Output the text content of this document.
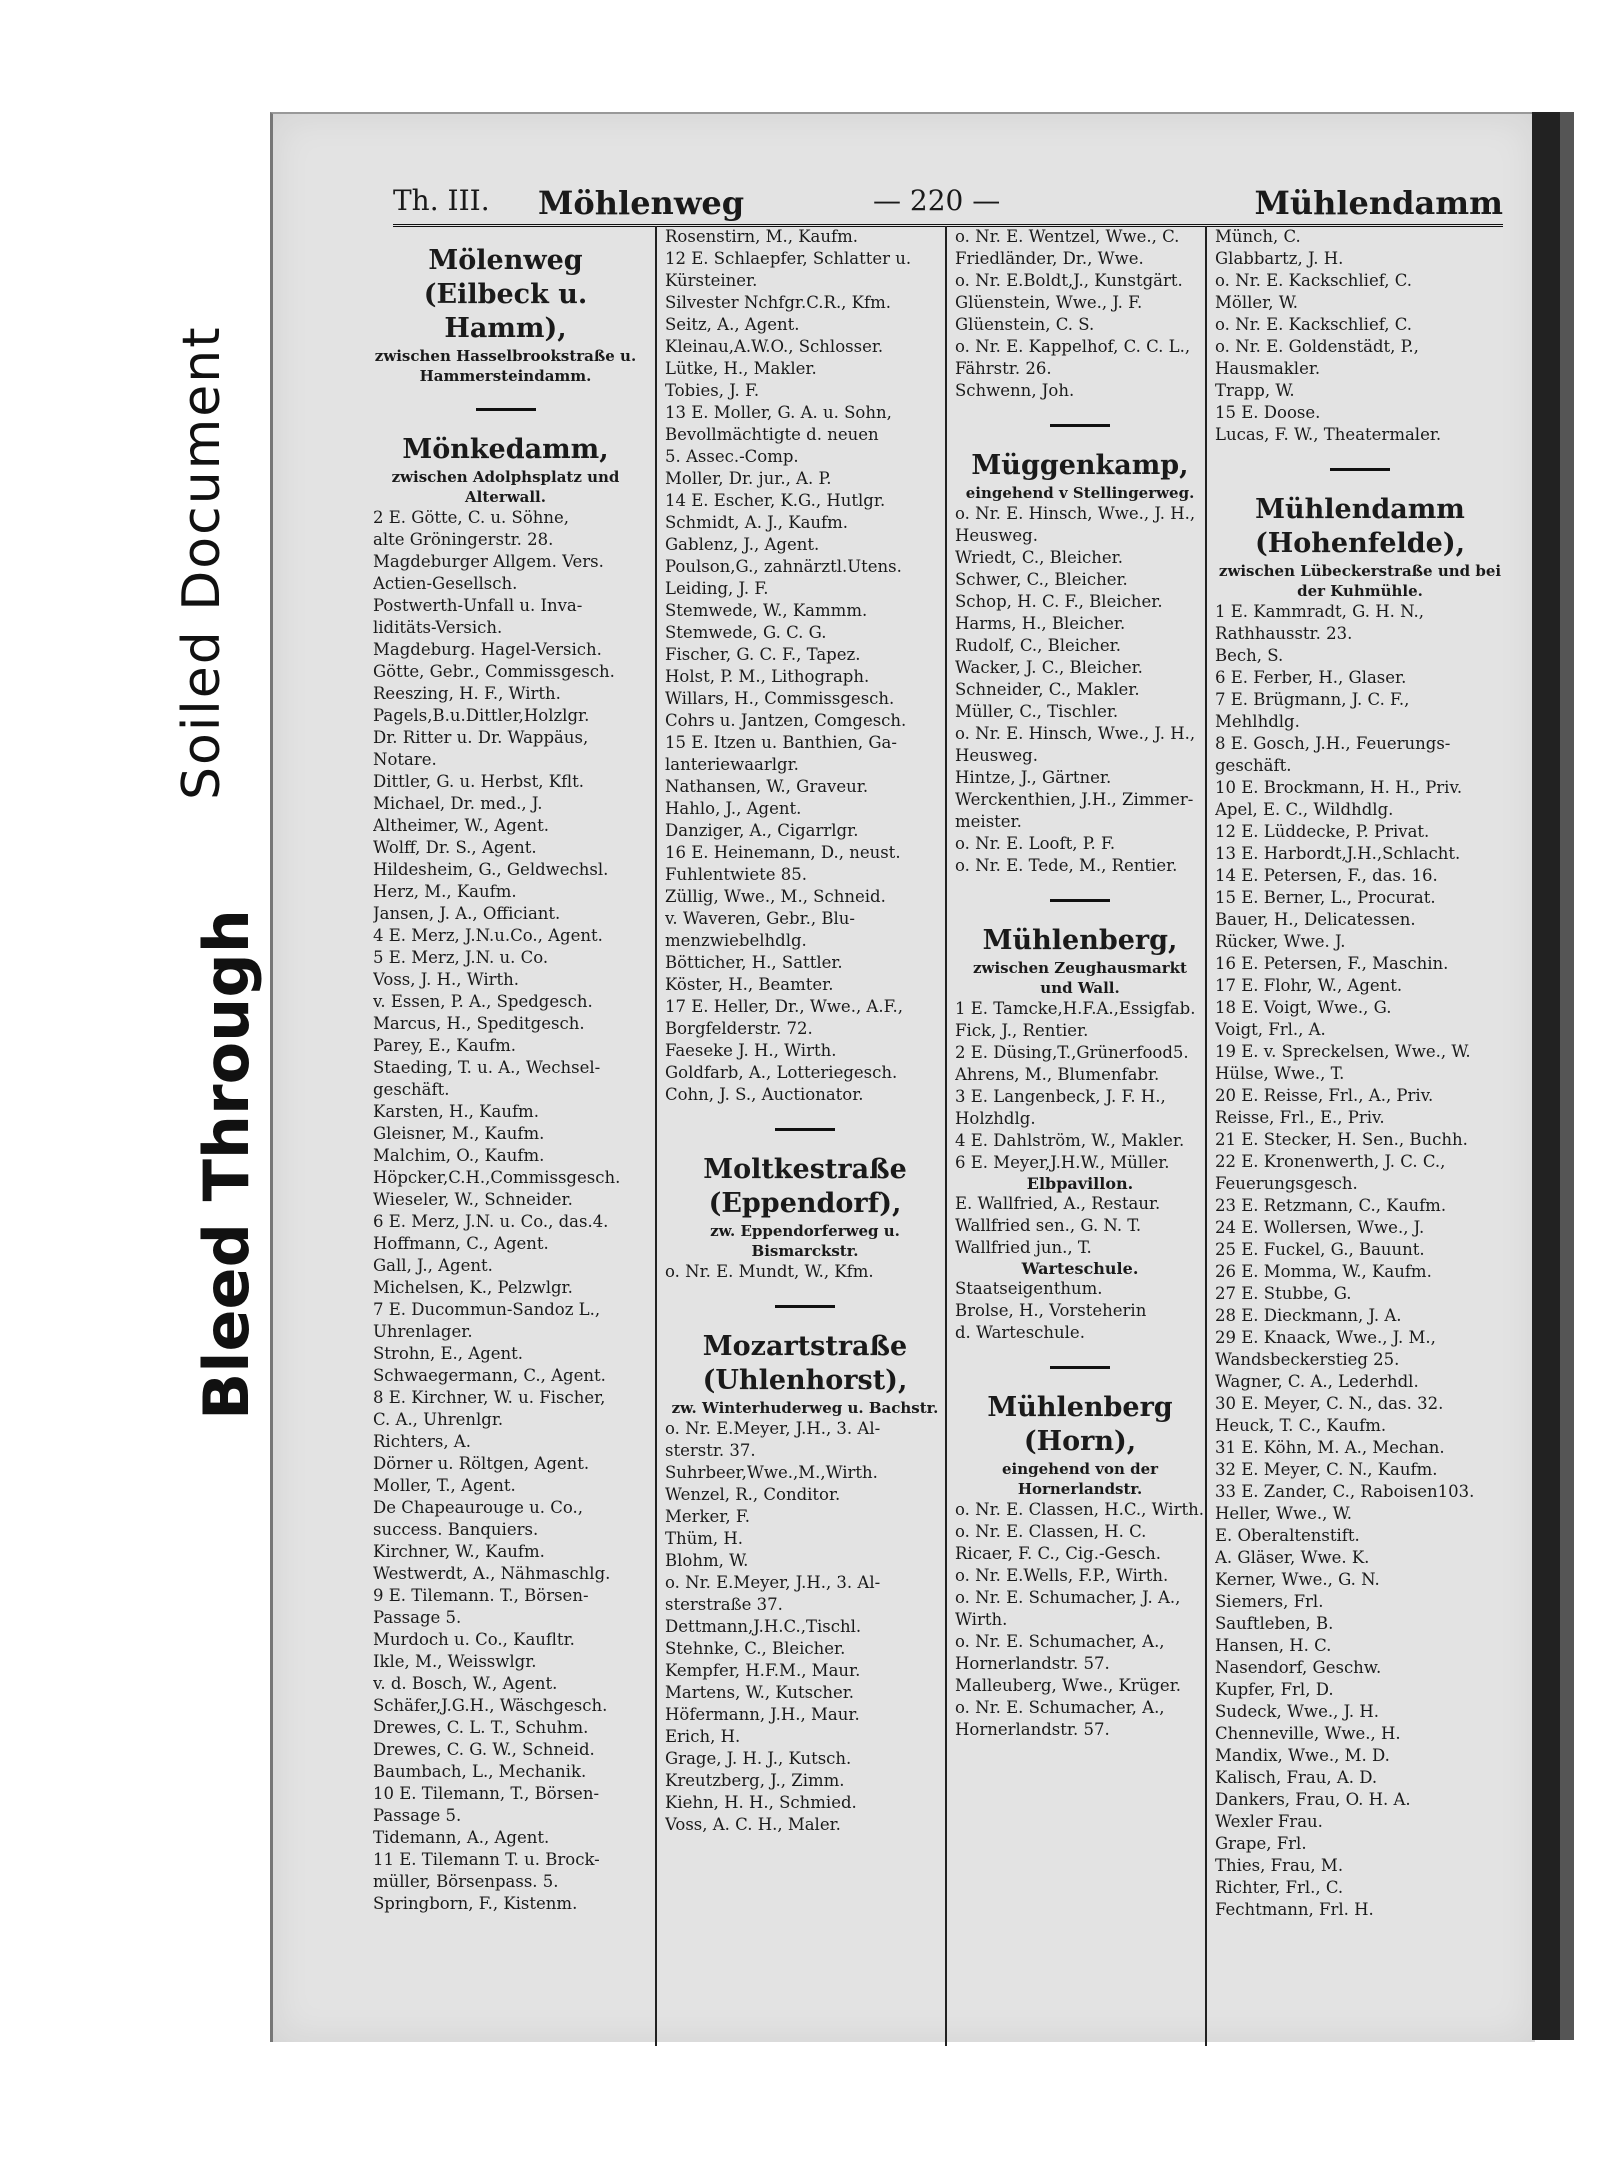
Soiled Document
Bleed Through
Th. III. Möhlenweg	— 220 —	Mühlendamm
Mölenweg (Eilbeck u. Hamm),
zwischen Hasselbrookstraße u. Hammersteindamm.
Mönkedamm,
zwischen Adolphsplatz und Alterwall.
2 E. Götte, C. u. Söhne,
alte Gröningerstr. 28.
Magdeburger Allgem. Vers.
Actien-Gesellsch.
Postwerth-Unfall u. Inva-
liditäts-Versich.
Magdeburg. Hagel-Versich.
Götte, Gebr., Commissgesch.
Reeszing, H. F., Wirth.
Pagels,B.u.Dittler,Holzlgr.
Dr. Ritter u. Dr. Wappäus,
Notare.
Dittler, G. u. Herbst, Kflt.
Michael, Dr. med., J.
Altheimer, W., Agent.
Wolff, Dr. S., Agent.
Hildesheim, G., Geldwechsl.
Herz, M., Kaufm.
Jansen, J. A., Officiant.
4 E. Merz, J.N.u.Co., Agent.
5 E. Merz, J.N. u. Co.
Voss, J. H., Wirth.
v. Essen, P. A., Spedgesch.
Marcus, H., Speditgesch.
Parey, E., Kaufm.
Staeding, T. u. A., Wechsel-
geschäft.
Karsten, H., Kaufm.
Gleisner, M., Kaufm.
Malchim, O., Kaufm.
Höpcker,C.H.,Commissgesch.
Wieseler, W., Schneider.
6 E. Merz, J.N. u. Co., das.4.
Hoffmann, C., Agent.
Gall, J., Agent.
Michelsen, K., Pelzwlgr.
7 E. Ducommun-Sandoz L.,
Uhrenlager.
Strohn, E., Agent.
Schwaegermann, C., Agent.
8 E. Kirchner, W. u. Fischer,
C. A., Uhrenlgr.
Richters, A.
Dörner u. Röltgen, Agent.
Moller, T., Agent.
De Chapeaurouge u. Co.,
success. Banquiers.
Kirchner, W., Kaufm.
Westwerdt, A., Nähmaschlg.
9 E. Tilemann. T., Börsen-
Passage 5.
Murdoch u. Co., Kaufltr.
Ikle, M., Weisswlgr.
v. d. Bosch, W., Agent.
Schäfer,J.G.H., Wäschgesch.
Drewes, C. L. T., Schuhm.
Drewes, C. G. W., Schneid.
Baumbach, L., Mechanik.
10 E. Tilemann, T., Börsen-
Passage 5.
Tidemann, A., Agent.
11 E. Tilemann T. u. Brock-
müller, Börsenpass. 5.
Springborn, F., Kistenm.
Rosenstirn, M., Kaufm.
12 E. Schlaepfer, Schlatter u.
Kürsteiner.
Silvester Nchfgr.C.R., Kfm.
Seitz, A., Agent.
Kleinau,A.W.O., Schlosser.
Lütke, H., Makler.
Tobies, J. F.
13 E. Moller, G. A. u. Sohn,
Bevollmächtigte d. neuen
5. Assec.-Comp.
Moller, Dr. jur., A. P.
14 E. Escher, K.G., Hutlgr.
Schmidt, A. J., Kaufm.
Gablenz, J., Agent.
Poulson,G., zahnärztl.Utens.
Leiding, J. F.
Stemwede, W., Kammm.
Stemwede, G. C. G.
Fischer, G. C. F., Tapez.
Holst, P. M., Lithograph.
Willars, H., Commissgesch.
Cohrs u. Jantzen, Comgesch.
15 E. Itzen u. Banthien, Ga-
lanteriewaarlgr.
Nathansen, W., Graveur.
Hahlo, J., Agent.
Danziger, A., Cigarrlgr.
16 E. Heinemann, D., neust.
Fuhlentwiete 85.
Züllig, Wwe., M., Schneid.
v. Waveren, Gebr., Blu-
menzwiebelhdlg.
Bötticher, H., Sattler.
Köster, H., Beamter.
17 E. Heller, Dr., Wwe., A.F.,
Borgfelderstr. 72.
Faeseke J. H., Wirth.
Goldfarb, A., Lotteriegesch.
Cohn, J. S., Auctionator.
Moltkestraße (Eppendorf),
zw. Eppendorferweg u. Bismarckstr.
o. Nr. E. Mundt, W., Kfm.
Mozartstraße (Uhlenhorst),
zw. Winterhuderweg u. Bachstr.
o. Nr. E.Meyer, J.H., 3. Al-
sterstr. 37.
Suhrbeer,Wwe.,M.,Wirth.
Wenzel, R., Conditor.
Merker, F.
Thüm, H.
Blohm, W.
o. Nr. E.Meyer, J.H., 3. Al-
sterstraße 37.
Dettmann,J.H.C.,Tischl.
Stehnke, C., Bleicher.
Kempfer, H.F.M., Maur.
Martens, W., Kutscher.
Höfermann, J.H., Maur.
Erich, H.
Grage, J. H. J., Kutsch.
Kreutzberg, J., Zimm.
Kiehn, H. H., Schmied.
Voss, A. C. H., Maler.
o. Nr. E. Wentzel, Wwe., C.
Friedländer, Dr., Wwe.
o. Nr. E.Boldt,J., Kunstgärt.
Glüenstein, Wwe., J. F.
Glüenstein, C. S.
o. Nr. E. Kappelhof, C. C. L.,
Fährstr. 26.
Schwenn, Joh.
Müggenkamp,
eingehend v Stellingerweg.
o. Nr. E. Hinsch, Wwe., J. H.,
Heusweg.
Wriedt, C., Bleicher.
Schwer, C., Bleicher.
Schop, H. C. F., Bleicher.
Harms, H., Bleicher.
Rudolf, C., Bleicher.
Wacker, J. C., Bleicher.
Schneider, C., Makler.
Müller, C., Tischler.
o. Nr. E. Hinsch, Wwe., J. H.,
Heusweg.
Hintze, J., Gärtner.
Werckenthien, J.H., Zimmer-
meister.
o. Nr. E. Looft, P. F.
o. Nr. E. Tede, M., Rentier.
Mühlenberg,
zwischen Zeughausmarkt und Wall.
1 E. Tamcke,H.F.A.,Essigfab.
Fick, J., Rentier.
2 E. Düsing,T.,Grünerfood5.
Ahrens, M., Blumenfabr.
3 E. Langenbeck, J. F. H.,
Holzhdlg.
4 E. Dahlström, W., Makler.
6 E. Meyer,J.H.W., Müller.
Elbpavillon.
E. Wallfried, A., Restaur.
Wallfried sen., G. N. T.
Wallfried jun., T.
Warteschule.
Staatseigenthum.
Brolse, H., Vorsteherin
d. Warteschule.
Mühlenberg (Horn),
eingehend von der Hornerlandstr.
o. Nr. E. Classen, H.C., Wirth.
o. Nr. E. Classen, H. C.
Ricaer, F. C., Cig.-Gesch.
o. Nr. E.Wells, F.P., Wirth.
o. Nr. E. Schumacher, J. A.,
Wirth.
o. Nr. E. Schumacher, A.,
Hornerlandstr. 57.
Malleuberg, Wwe., Krüger.
o. Nr. E. Schumacher, A.,
Hornerlandstr. 57.
Münch, C.
Glabbartz, J. H.
o. Nr. E. Kackschlief, C.
Möller, W.
o. Nr. E. Kackschlief, C.
o. Nr. E. Goldenstädt, P.,
Hausmakler.
Trapp, W.
15 E. Doose.
Lucas, F. W., Theatermaler.
Mühlendamm (Hohenfelde),
zwischen Lübeckerstraße und bei der Kuhmühle.
1 E. Kammradt, G. H. N.,
Rathhausstr. 23.
Bech, S.
6 E. Ferber, H., Glaser.
7 E. Brügmann, J. C. F.,
Mehlhdlg.
8 E. Gosch, J.H., Feuerungs-
geschäft.
10 E. Brockmann, H. H., Priv.
Apel, E. C., Wildhdlg.
12 E. Lüddecke, P. Privat.
13 E. Harbordt,J.H.,Schlacht.
14 E. Petersen, F., das. 16.
15 E. Berner, L., Procurat.
Bauer, H., Delicatessen.
Rücker, Wwe. J.
16 E. Petersen, F., Maschin.
17 E. Flohr, W., Agent.
18 E. Voigt, Wwe., G.
Voigt, Frl., A.
19 E. v. Spreckelsen, Wwe., W.
Hülse, Wwe., T.
20 E. Reisse, Frl., A., Priv.
Reisse, Frl., E., Priv.
21 E. Stecker, H. Sen., Buchh.
22 E. Kronenwerth, J. C. C.,
Feuerungsgesch.
23 E. Retzmann, C., Kaufm.
24 E. Wollersen, Wwe., J.
25 E. Fuckel, G., Bauunt.
26 E. Momma, W., Kaufm.
27 E. Stubbe, G.
28 E. Dieckmann, J. A.
29 E. Knaack, Wwe., J. M.,
Wandsbeckerstieg 25.
Wagner, C. A., Lederhdl.
30 E. Meyer, C. N., das. 32.
Heuck, T. C., Kaufm.
31 E. Köhn, M. A., Mechan.
32 E. Meyer, C. N., Kaufm.
33 E. Zander, C., Raboisen103.
Heller, Wwe., W.
E. Oberaltenstift.
A. Gläser, Wwe. K.
Kerner, Wwe., G. N.
Siemers, Frl.
Sauftleben, B.
Hansen, H. C.
Nasendorf, Geschw.
Kupfer, Frl, D.
Sudeck, Wwe., J. H.
Chenneville, Wwe., H.
Mandix, Wwe., M. D.
Kalisch, Frau, A. D.
Dankers, Frau, O. H. A.
Wexler Frau.
Grape, Frl.
Thies, Frau, M.
Richter, Frl., C.
Fechtmann, Frl. H.
